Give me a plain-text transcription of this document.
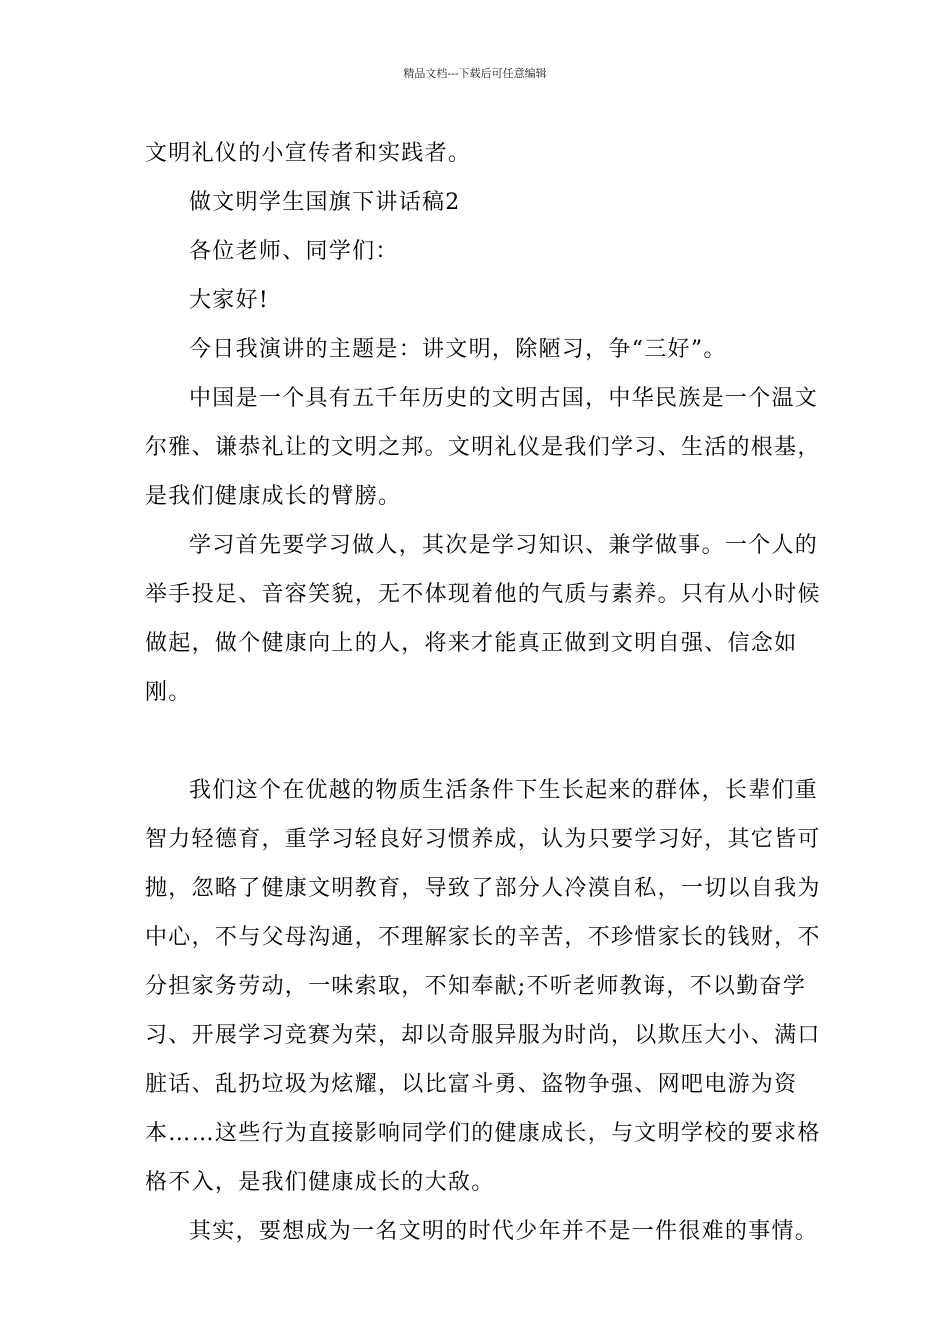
精品文档---下载后可任意编辑

文明礼仪的小宣传者和实践者。

做文明学生国旗下讲话稿2

各位老师、同学们：

大家好!

今日我演讲的主题是：讲文明，除陋习，争“三好”。

中国是一个具有五千年历史的文明古国，中华民族是一个温文尔雅、谦恭礼让的文明之邦。文明礼仪是我们学习、生活的根基，是我们健康成长的臂膀。

学习首先要学习做人，其次是学习知识、兼学做事。一个人的举手投足、音容笑貌，无不体现着他的气质与素养。只有从小时候做起，做个健康向上的人，将来才能真正做到文明自强、信念如刚。

我们这个在优越的物质生活条件下生长起来的群体，长辈们重智力轻德育，重学习轻良好习惯养成，认为只要学习好，其它皆可抛，忽略了健康文明教育，导致了部分人冷漠自私，一切以自我为中心，不与父母沟通，不理解家长的辛苦，不珍惜家长的钱财，不分担家务劳动，一味索取，不知奉献;不听老师教诲，不以勤奋学习、开展学习竞赛为荣，却以奇服异服为时尚，以欺压大小、满口脏话、乱扔垃圾为炫耀，以比富斗勇、盗物争强、网吧电游为资本……这些行为直接影响同学们的健康成长，与文明学校的要求格格不入，是我们健康成长的大敌。

其实，要想成为一名文明的时代少年并不是一件很难的事情。
